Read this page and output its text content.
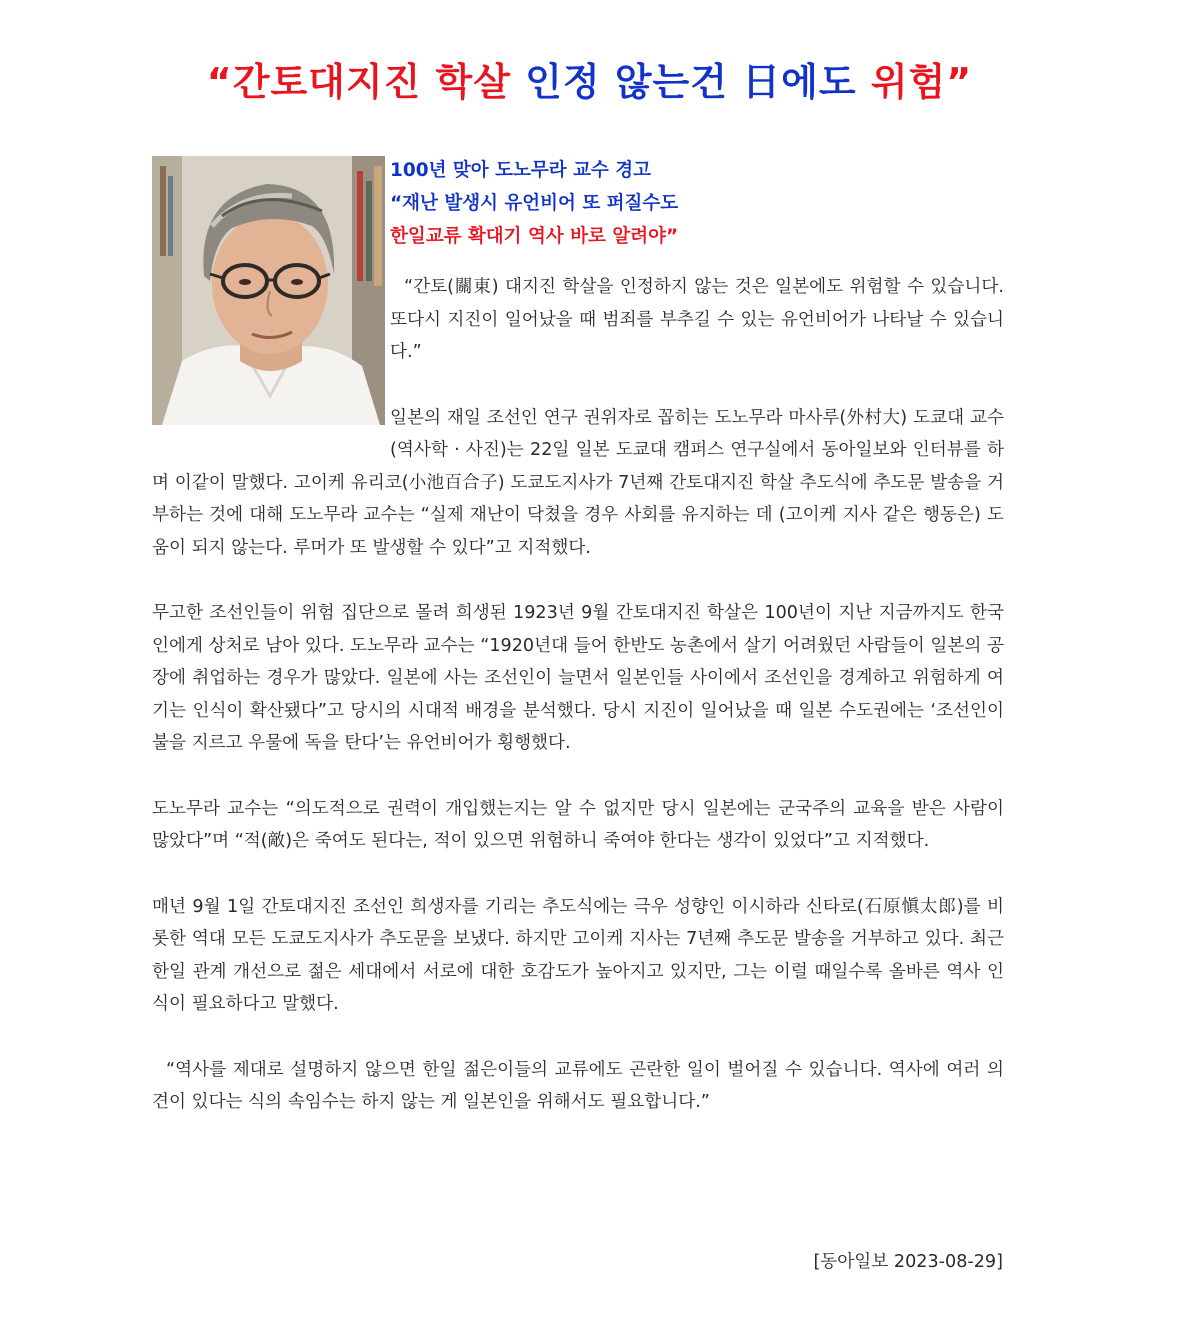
“간토대지진 학살 인정 않는건 日에도 위험”
100년 맞아 도노무라 교수 경고
“재난 발생시 유언비어 또 퍼질수도
한일교류 확대기 역사 바로 알려야”

“간토(關東) 대지진 학살을 인정하지 않는 것은 일본에도 위험할 수 있습니다. 또다시 지진이 일어났을 때 범죄를 부추길 수 있는 유언비어가 나타날 수 있습니다.”

일본의 재일 조선인 연구 권위자로 꼽히는 도노무라 마사루(外村大) 도쿄대 교수(역사학 · 사진)는 22일 일본 도쿄대 캠퍼스 연구실에서 동아일보와 인터뷰를 하며 이같이 말했다. 고이케 유리코(小池百合子) 도쿄도지사가 7년째 간토대지진 학살 추도식에 추도문 발송을 거부하는 것에 대해 도노무라 교수는 “실제 재난이 닥쳤을 경우 사회를 유지하는 데 (고이케 지사 같은 행동은) 도움이 되지 않는다. 루머가 또 발생할 수 있다”고 지적했다.

무고한 조선인들이 위험 집단으로 몰려 희생된 1923년 9월 간토대지진 학살은 100년이 지난 지금까지도 한국인에게 상처로 남아 있다. 도노무라 교수는 “1920년대 들어 한반도 농촌에서 살기 어려웠던 사람들이 일본의 공장에 취업하는 경우가 많았다. 일본에 사는 조선인이 늘면서 일본인들 사이에서 조선인을 경계하고 위험하게 여기는 인식이 확산됐다”고 당시의 시대적 배경을 분석했다. 당시 지진이 일어났을 때 일본 수도권에는 ‘조선인이 불을 지르고 우물에 독을 탄다’는 유언비어가 횡행했다.

도노무라 교수는 “의도적으로 권력이 개입했는지는 알 수 없지만 당시 일본에는 군국주의 교육을 받은 사람이 많았다”며 “적(敵)은 죽여도 된다는, 적이 있으면 위험하니 죽여야 한다는 생각이 있었다”고 지적했다.

매년 9월 1일 간토대지진 조선인 희생자를 기리는 추도식에는 극우 성향인 이시하라 신타로(石原愼太郎)를 비롯한 역대 모든 도쿄도지사가 추도문을 보냈다. 하지만 고이케 지사는 7년째 추도문 발송을 거부하고 있다. 최근 한일 관계 개선으로 젊은 세대에서 서로에 대한 호감도가 높아지고 있지만, 그는 이럴 때일수록 올바른 역사 인식이 필요하다고 말했다.

“역사를 제대로 설명하지 않으면 한일 젊은이들의 교류에도 곤란한 일이 벌어질 수 있습니다. 역사에 여러 의견이 있다는 식의 속임수는 하지 않는 게 일본인을 위해서도 필요합니다.”

[동아일보 2023-08-29]
